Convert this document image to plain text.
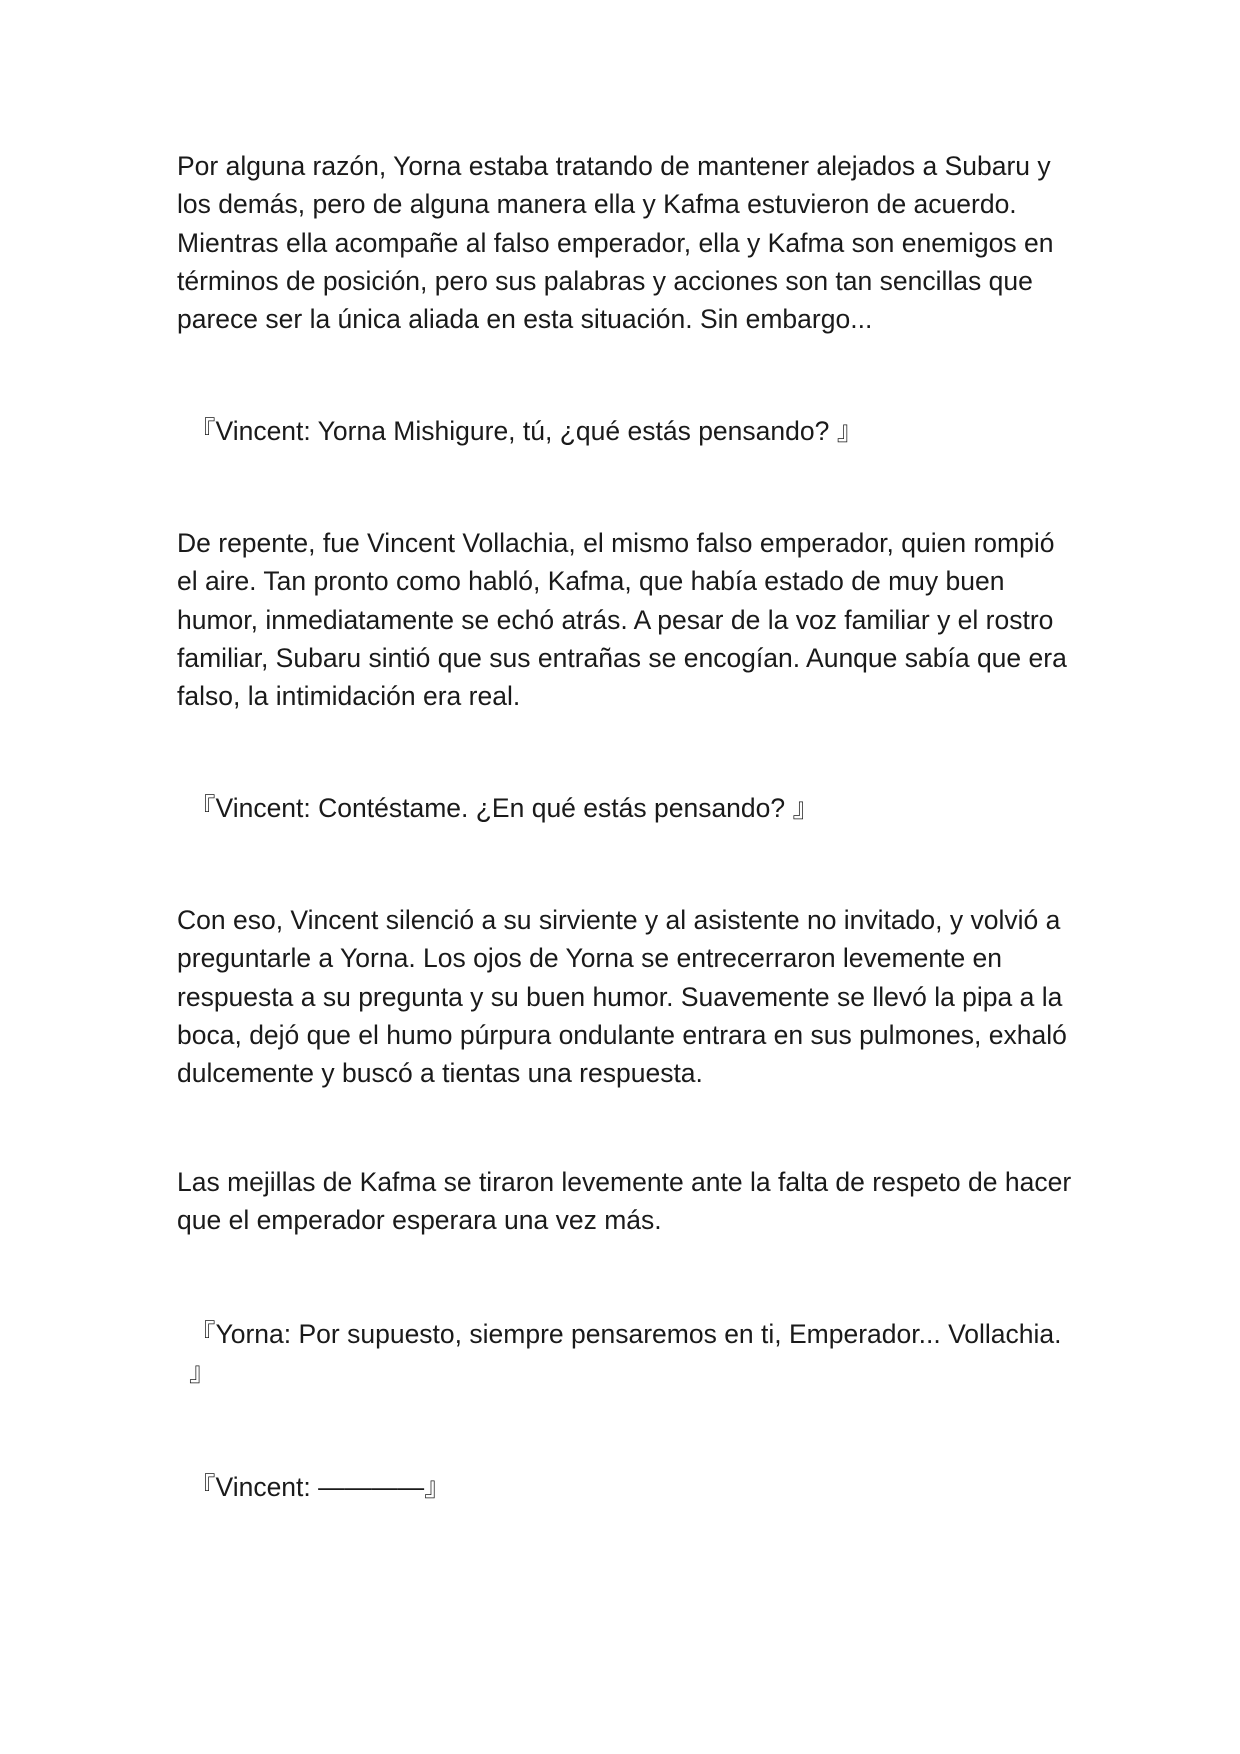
Por alguna razón, Yorna estaba tratando de mantener alejados a Subaru y los demás, pero de alguna manera ella y Kafma estuvieron de acuerdo. Mientras ella acompañe al falso emperador, ella y Kafma son enemigos en términos de posición, pero sus palabras y acciones son tan sencillas que parece ser la única aliada en esta situación. Sin embargo...

『Vincent: Yorna Mishigure, tú, ¿qué estás pensando? 』

De repente, fue Vincent Vollachia, el mismo falso emperador, quien rompió el aire. Tan pronto como habló, Kafma, que había estado de muy buen humor, inmediatamente se echó atrás. A pesar de la voz familiar y el rostro familiar, Subaru sintió que sus entrañas se encogían. Aunque sabía que era falso, la intimidación era real.

『Vincent: Contéstame. ¿En qué estás pensando? 』

Con eso, Vincent silenció a su sirviente y al asistente no invitado, y volvió a preguntarle a Yorna. Los ojos de Yorna se entrecerraron levemente en respuesta a su pregunta y su buen humor. Suavemente se llevó la pipa a la boca, dejó que el humo púrpura ondulante entrara en sus pulmones, exhaló dulcemente y buscó a tientas una respuesta.

Las mejillas de Kafma se tiraron levemente ante la falta de respeto de hacer que el emperador esperara una vez más.

『Yorna: Por supuesto, siempre pensaremos en ti, Emperador... Vollachia. 』

『Vincent: ————』
